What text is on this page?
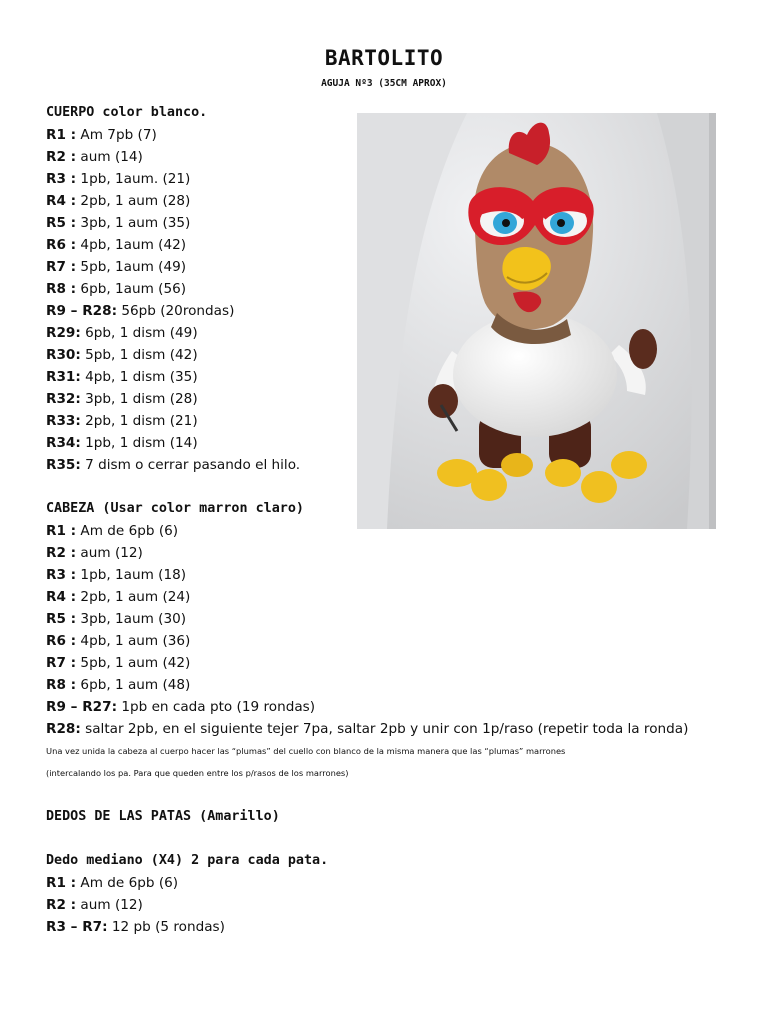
BARTOLITO
AGUJA Nº3 (35CM APROX)
CUERPO color blanco.
R1 : Am 7pb (7)
R2 : aum (14)
R3 : 1pb, 1aum. (21)
R4 : 2pb, 1 aum (28)
R5 : 3pb, 1 aum (35)
R6 : 4pb, 1aum (42)
R7 : 5pb, 1aum (49)
R8 : 6pb, 1aum (56)
R9 – R28: 56pb (20rondas)
R29: 6pb, 1 dism (49)
R30: 5pb, 1 dism (42)
R31: 4pb, 1 dism (35)
R32: 3pb, 1 dism (28)
R33: 2pb, 1 dism (21)
R34: 1pb, 1 dism (14)
R35: 7 dism o cerrar pasando el hilo.
CABEZA (Usar color marron claro)
R1 : Am de 6pb (6)
R2 : aum (12)
R3 : 1pb, 1aum (18)
R4 : 2pb, 1 aum (24)
R5 : 3pb, 1aum (30)
R6 : 4pb, 1 aum (36)
R7 : 5pb, 1 aum (42)
R8 : 6pb, 1 aum (48)
R9 – R27: 1pb en cada pto (19 rondas)
R28: saltar 2pb, en el siguiente tejer 7pa, saltar 2pb y unir con 1p/raso (repetir toda la ronda)
Una vez unida la cabeza al cuerpo hacer las “plumas” del cuello con blanco de la misma manera que las “plumas” marrones
(intercalando los pa. Para que queden entre los p/rasos de los marrones)
DEDOS DE LAS PATAS (Amarillo)
Dedo mediano (X4) 2 para cada pata.
R1 : Am de 6pb (6)
R2 : aum (12)
R3 – R7: 12 pb (5 rondas)
